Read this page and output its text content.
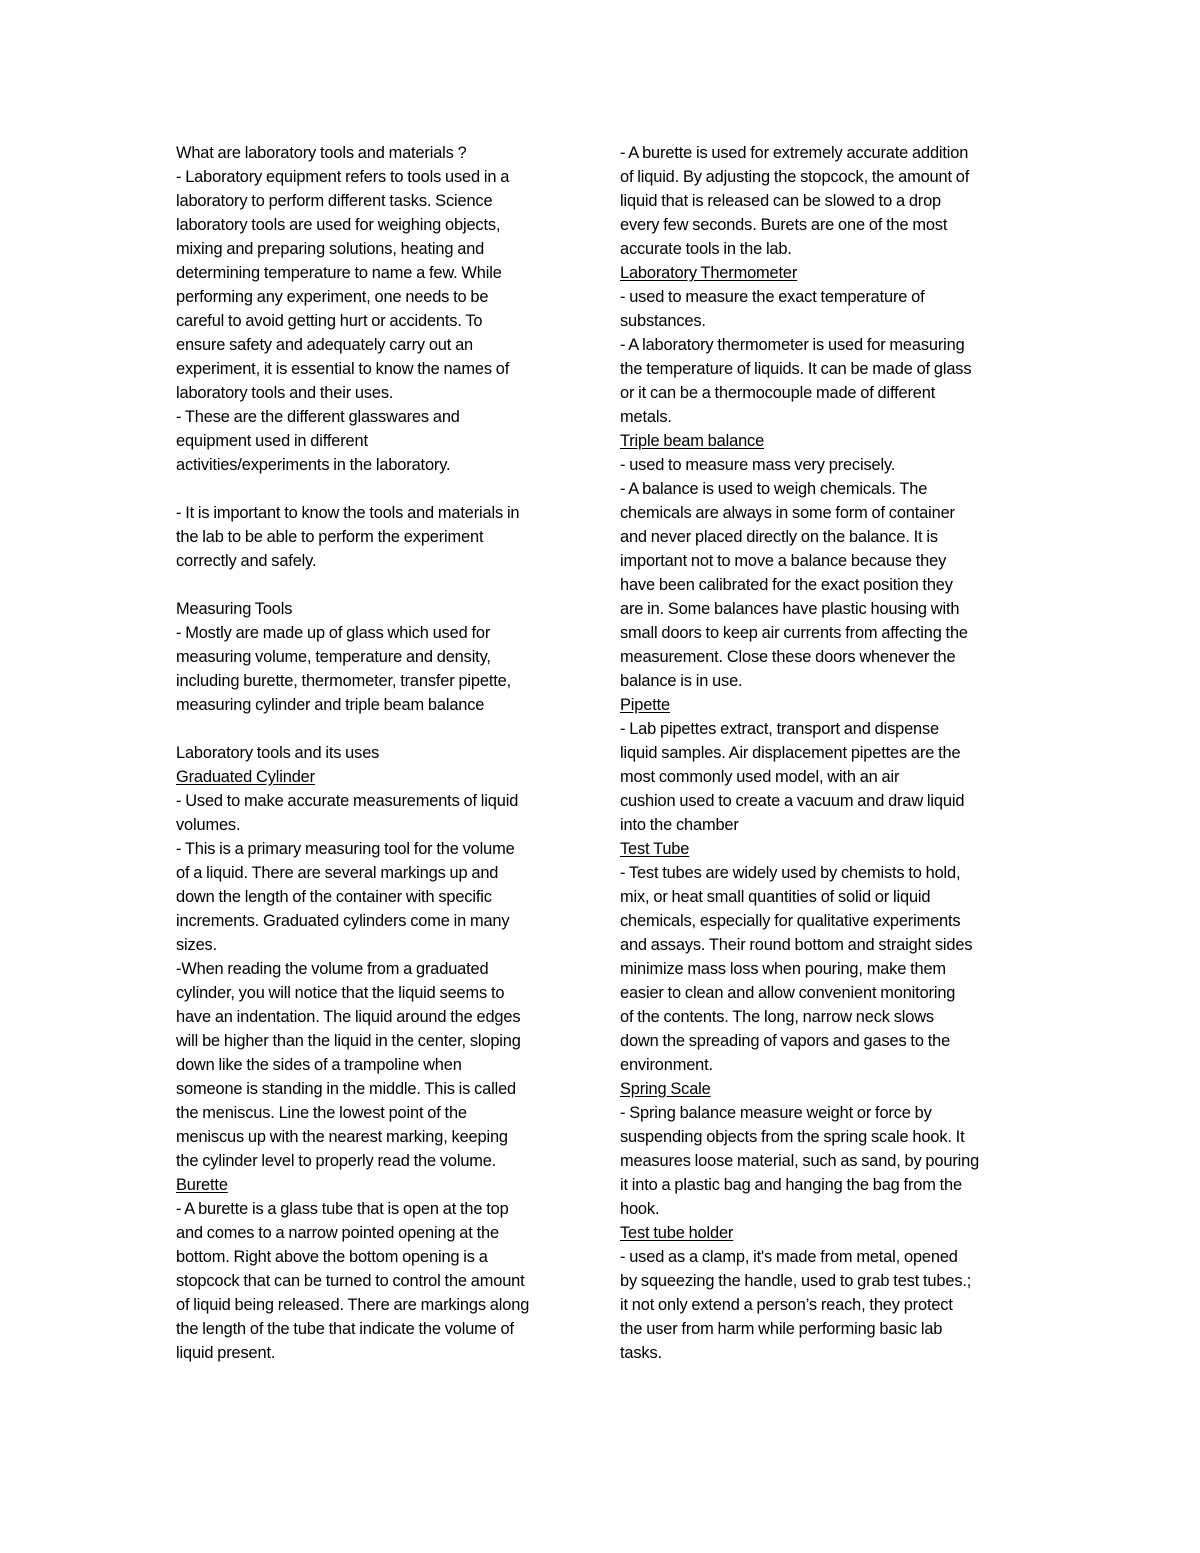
What are laboratory tools and materials ?
- Laboratory equipment refers to tools used in a
laboratory to perform different tasks. Science
laboratory tools are used for weighing objects,
mixing and preparing solutions, heating and
determining temperature to name a few. While
performing any experiment, one needs to be
careful to avoid getting hurt or accidents. To
ensure safety and adequately carry out an
experiment, it is essential to know the names of
laboratory tools and their uses.
- These are the different glasswares and
equipment used in different
activities/experiments in the laboratory.
- It is important to know the tools and materials in
the lab to be able to perform the experiment
correctly and safely.
Measuring Tools
- Mostly are made up of glass which used for
measuring volume, temperature and density,
including burette, thermometer, transfer pipette,
measuring cylinder and triple beam balance
Laboratory tools and its uses
Graduated Cylinder
- Used to make accurate measurements of liquid
volumes.
- This is a primary measuring tool for the volume
of a liquid. There are several markings up and
down the length of the container with specific
increments. Graduated cylinders come in many
sizes.
-When reading the volume from a graduated
cylinder, you will notice that the liquid seems to
have an indentation. The liquid around the edges
will be higher than the liquid in the center, sloping
down like the sides of a trampoline when
someone is standing in the middle. This is called
the meniscus. Line the lowest point of the
meniscus up with the nearest marking, keeping
the cylinder level to properly read the volume.
Burette
- A burette is a glass tube that is open at the top
and comes to a narrow pointed opening at the
bottom. Right above the bottom opening is a
stopcock that can be turned to control the amount
of liquid being released. There are markings along
the length of the tube that indicate the volume of
liquid present.
- A burette is used for extremely accurate addition
of liquid. By adjusting the stopcock, the amount of
liquid that is released can be slowed to a drop
every few seconds. Burets are one of the most
accurate tools in the lab.
Laboratory Thermometer
- used to measure the exact temperature of
substances.
- A laboratory thermometer is used for measuring
the temperature of liquids. It can be made of glass
or it can be a thermocouple made of different
metals.
Triple beam balance
- used to measure mass very precisely.
- A balance is used to weigh chemicals. The
chemicals are always in some form of container
and never placed directly on the balance. It is
important not to move a balance because they
have been calibrated for the exact position they
are in. Some balances have plastic housing with
small doors to keep air currents from affecting the
measurement. Close these doors whenever the
balance is in use.
Pipette
- Lab pipettes extract, transport and dispense
liquid samples. Air displacement pipettes are the
most commonly used model, with an air
cushion used to create a vacuum and draw liquid
into the chamber
Test Tube
- Test tubes are widely used by chemists to hold,
mix, or heat small quantities of solid or liquid
chemicals, especially for qualitative experiments
and assays. Their round bottom and straight sides
minimize mass loss when pouring, make them
easier to clean and allow convenient monitoring
of the contents. The long, narrow neck slows
down the spreading of vapors and gases to the
environment.
Spring Scale
- Spring balance measure weight or force by
suspending objects from the spring scale hook. It
measures loose material, such as sand, by pouring
it into a plastic bag and hanging the bag from the
hook.
Test tube holder
- used as a clamp, it's made from metal, opened
by squeezing the handle, used to grab test tubes.;
it not only extend a person’s reach, they protect
the user from harm while performing basic lab
tasks.
